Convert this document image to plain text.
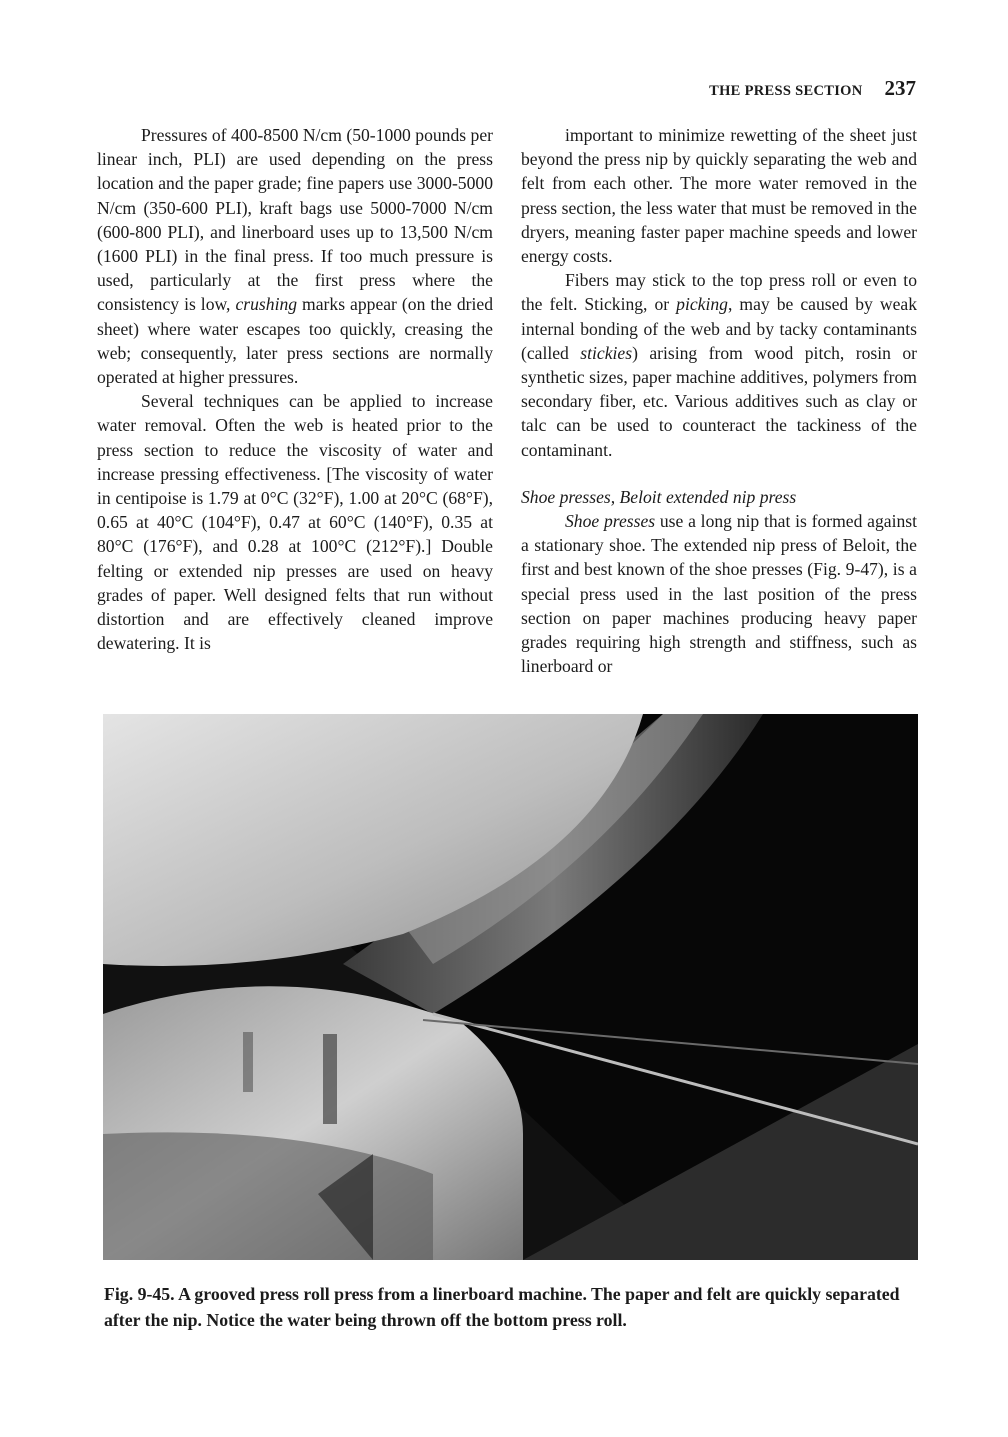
THE PRESS SECTION 237

Pressures of 400-8500 N/cm (50-1000 pounds per linear inch, PLI) are used depending on the press location and the paper grade; fine papers use 3000-5000 N/cm (350-600 PLI), kraft bags use 5000-7000 N/cm (600-800 PLI), and linerboard uses up to 13,500 N/cm (1600 PLI) in the final press. If too much pressure is used, particularly at the first press where the consistency is low, crushing marks appear (on the dried sheet) where water escapes too quickly, creasing the web; consequently, later press sections are normally operated at higher pressures.

Several techniques can be applied to increase water removal. Often the web is heated prior to the press section to reduce the viscosity of water and increase pressing effectiveness. [The viscosity of water in centipoise is 1.79 at 0°C (32°F), 1.00 at 20°C (68°F), 0.65 at 40°C (104°F), 0.47 at 60°C (140°F), 0.35 at 80°C (176°F), and 0.28 at 100°C (212°F).] Double felting or extended nip presses are used on heavy grades of paper. Well designed felts that run without distortion and are effectively cleaned improve dewatering. It is

important to minimize rewetting of the sheet just beyond the press nip by quickly separating the web and felt from each other. The more water removed in the press section, the less water that must be removed in the dryers, meaning faster paper machine speeds and lower energy costs.

Fibers may stick to the top press roll or even to the felt. Sticking, or picking, may be caused by weak internal bonding of the web and by tacky contaminants (called stickies) arising from wood pitch, rosin or synthetic sizes, paper machine additives, polymers from secondary fiber, etc. Various additives such as clay or talc can be used to counteract the tackiness of the contaminant.

Shoe presses, Beloit extended nip press

Shoe presses use a long nip that is formed against a stationary shoe. The extended nip press of Beloit, the first and best known of the shoe presses (Fig. 9-47), is a special press used in the last position of the press section on paper machines producing heavy paper grades requiring high strength and stiffness, such as linerboard or

Fig. 9-45. A grooved press roll press from a linerboard machine. The paper and felt are quickly separated after the nip. Notice the water being thrown off the bottom press roll.
